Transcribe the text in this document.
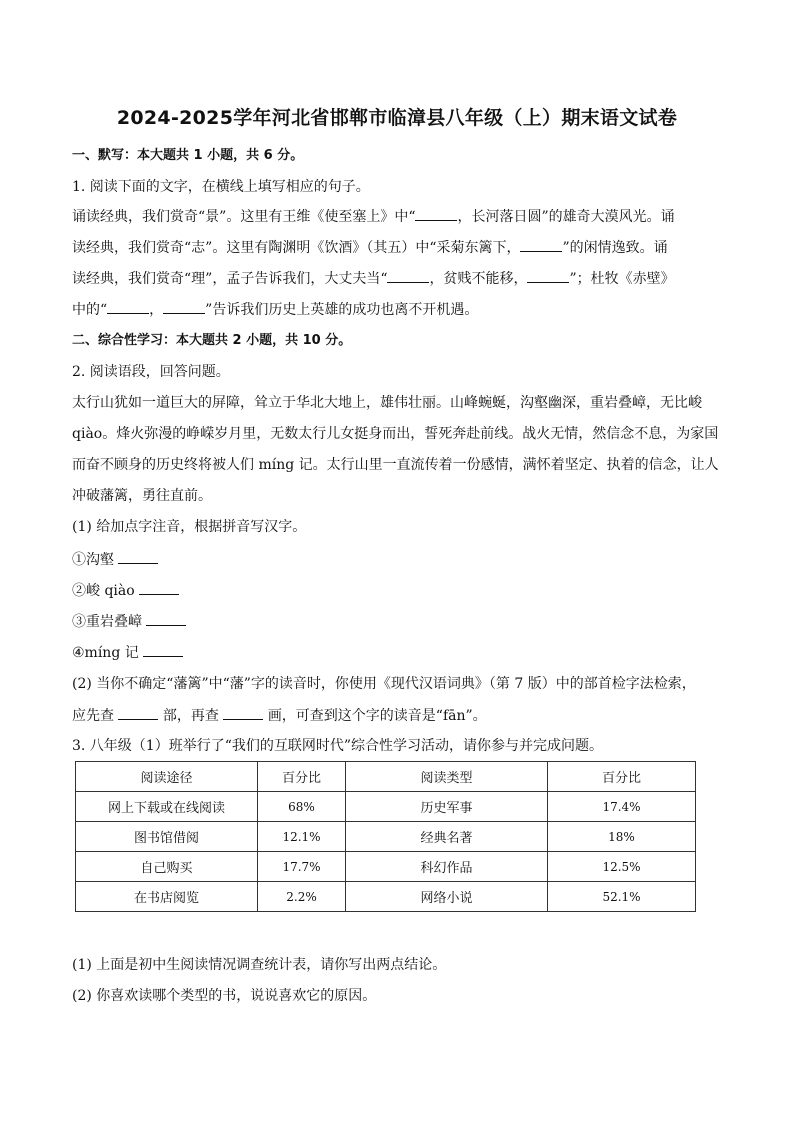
2024-2025学年河北省邯郸市临漳县八年级（上）期末语文试卷
一、默写：本大题共 1 小题，共 6 分。
1. 阅读下面的文字，在横线上填写相应的句子。
诵读经典，我们赏奇“景”。这里有王维《使至塞上》中“	，长河落日圆”的雄奇大漠风光。诵
读经典，我们赏奇“志”。这里有陶渊明《饮酒》（其五）中“采菊东篱下，	”的闲情逸致。诵
读经典，我们赏奇“理”，孟子告诉我们，大丈夫当“	，贫贱不能移，	”；杜牧《赤壁》
中的“	，	”告诉我们历史上英雄的成功也离不开机遇。
二、综合性学习：本大题共 2 小题，共 10 分。
2. 阅读语段，回答问题。
太行山犹如一道巨大的屏障，耸立于华北大地上，雄伟壮丽。山峰蜿蜒，沟壑幽深，重岩叠嶂，无比峻
qiào。烽火弥漫的峥嵘岁月里，无数太行儿女挺身而出，誓死奔赴前线。战火无情，然信念不息，为家国
而奋不顾身的历史终将被人们 míng 记。太行山里一直流传着一份感情，满怀着坚定、执着的信念，让人
冲破藩篱，勇往直前。
(1) 给加点字注音，根据拼音写汉字。
①沟壑
②峻 qiào
③重岩叠嶂
④míng 记
(2) 当你不确定“藩篱”中“藩”字的读音时，你使用《现代汉语词典》（第 7 版）中的部首检字法检索，
应先查	部，再查	画，可查到这个字的读音是“fān”。
3. 八年级（1）班举行了“我们的互联网时代”综合性学习活动，请你参与并完成问题。
阅读途径	百分比	阅读类型	百分比
网上下载或在线阅读	68%	历史军事	17.4%
图书馆借阅	12.1%	经典名著	18%
自己购买	17.7%	科幻作品	12.5%
在书店阅览	2.2%	网络小说	52.1%
(1) 上面是初中生阅读情况调查统计表，请你写出两点结论。
(2) 你喜欢读哪个类型的书，说说喜欢它的原因。
